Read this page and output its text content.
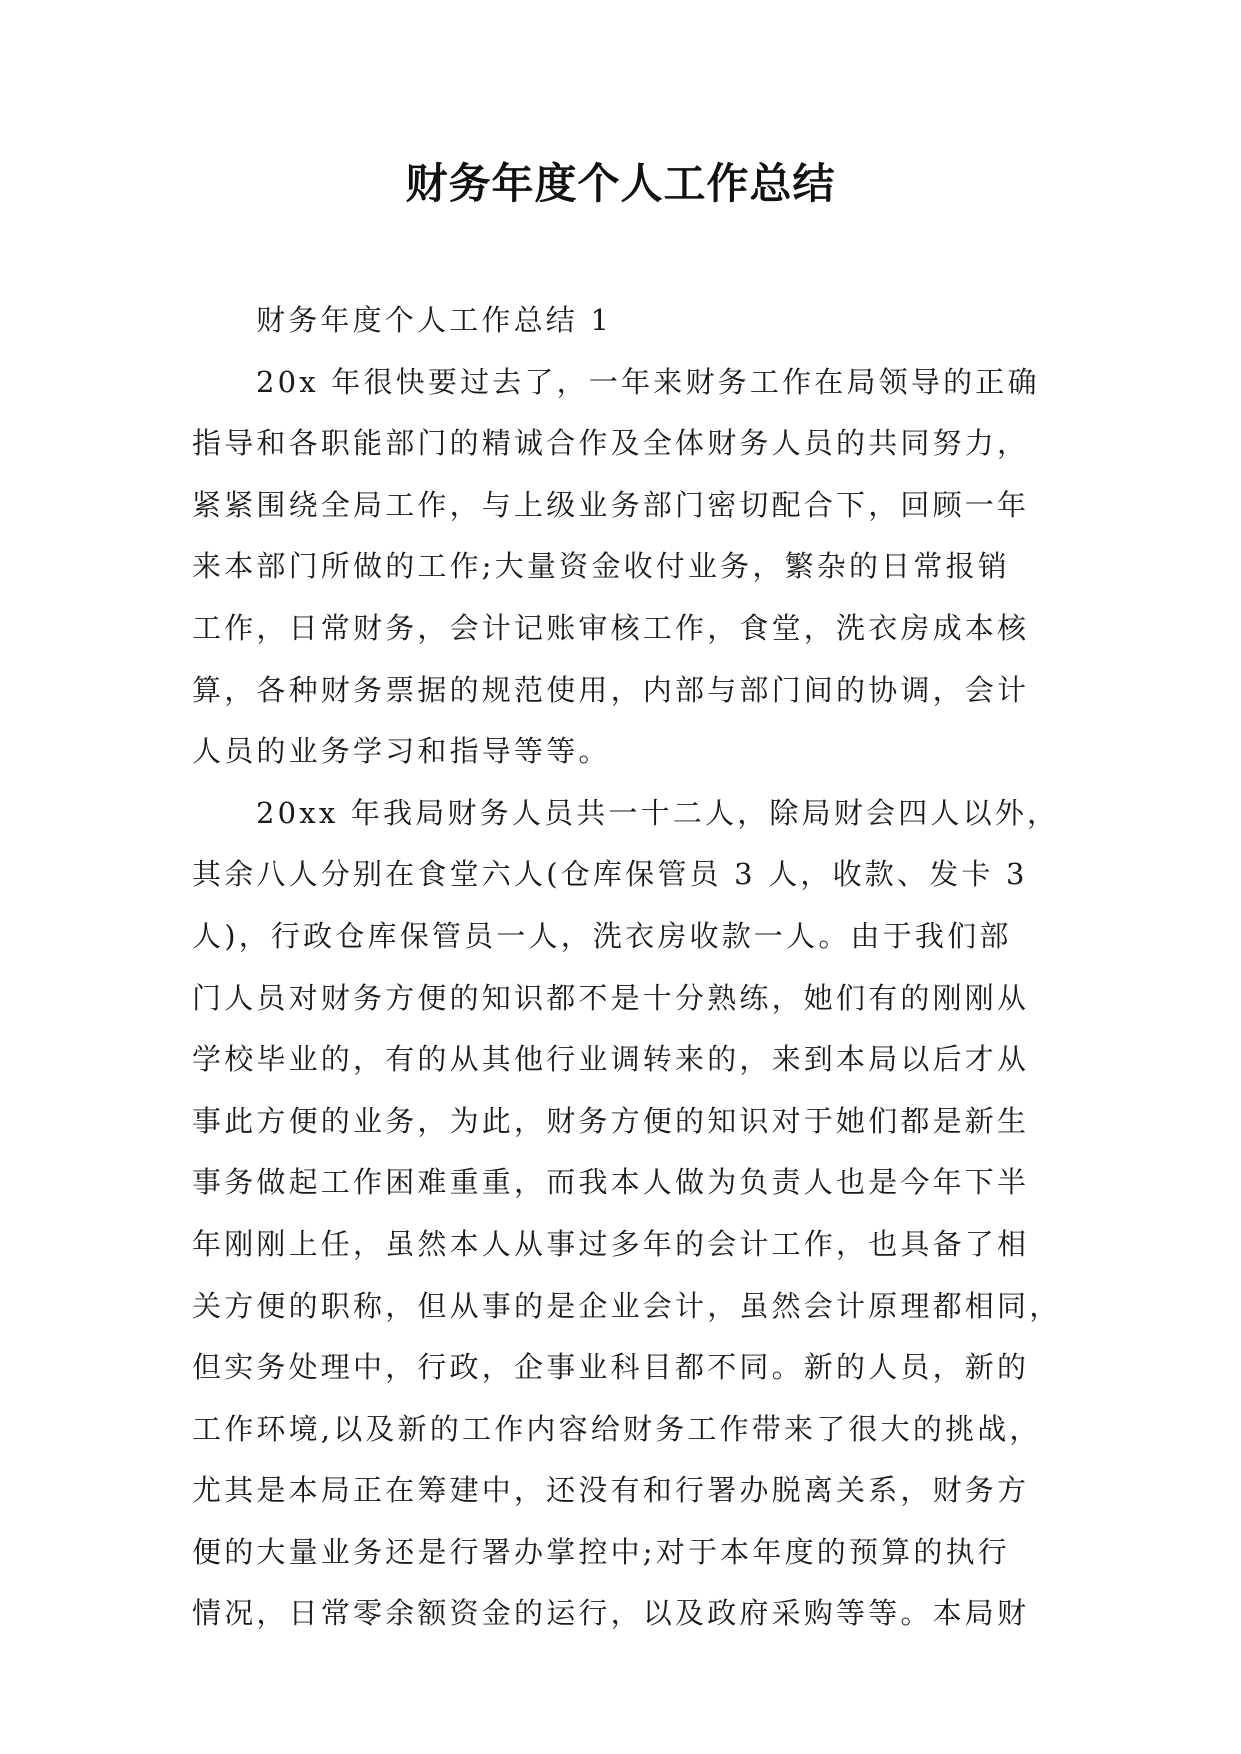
财务年度个人工作总结
财务年度个人工作总结 1
20x 年很快要过去了，一年来财务工作在局领导的正确
指导和各职能部门的精诚合作及全体财务人员的共同努力，
紧紧围绕全局工作，与上级业务部门密切配合下，回顾一年
来本部门所做的工作;大量资金收付业务，繁杂的日常报销
工作，日常财务，会计记账审核工作，食堂，洗衣房成本核
算，各种财务票据的规范使用，内部与部门间的协调，会计
人员的业务学习和指导等等。
20xx 年我局财务人员共一十二人，除局财会四人以外，
其余八人分别在食堂六人(仓库保管员 3 人，收款、发卡 3
人)，行政仓库保管员一人，洗衣房收款一人。由于我们部
门人员对财务方便的知识都不是十分熟练，她们有的刚刚从
学校毕业的，有的从其他行业调转来的，来到本局以后才从
事此方便的业务，为此，财务方便的知识对于她们都是新生
事务做起工作困难重重，而我本人做为负责人也是今年下半
年刚刚上任，虽然本人从事过多年的会计工作，也具备了相
关方便的职称，但从事的是企业会计，虽然会计原理都相同，
但实务处理中，行政，企事业科目都不同。新的人员，新的
工作环境,以及新的工作内容给财务工作带来了很大的挑战，
尤其是本局正在筹建中，还没有和行署办脱离关系，财务方
便的大量业务还是行署办掌控中;对于本年度的预算的执行
情况，日常零余额资金的运行，以及政府采购等等。本局财
